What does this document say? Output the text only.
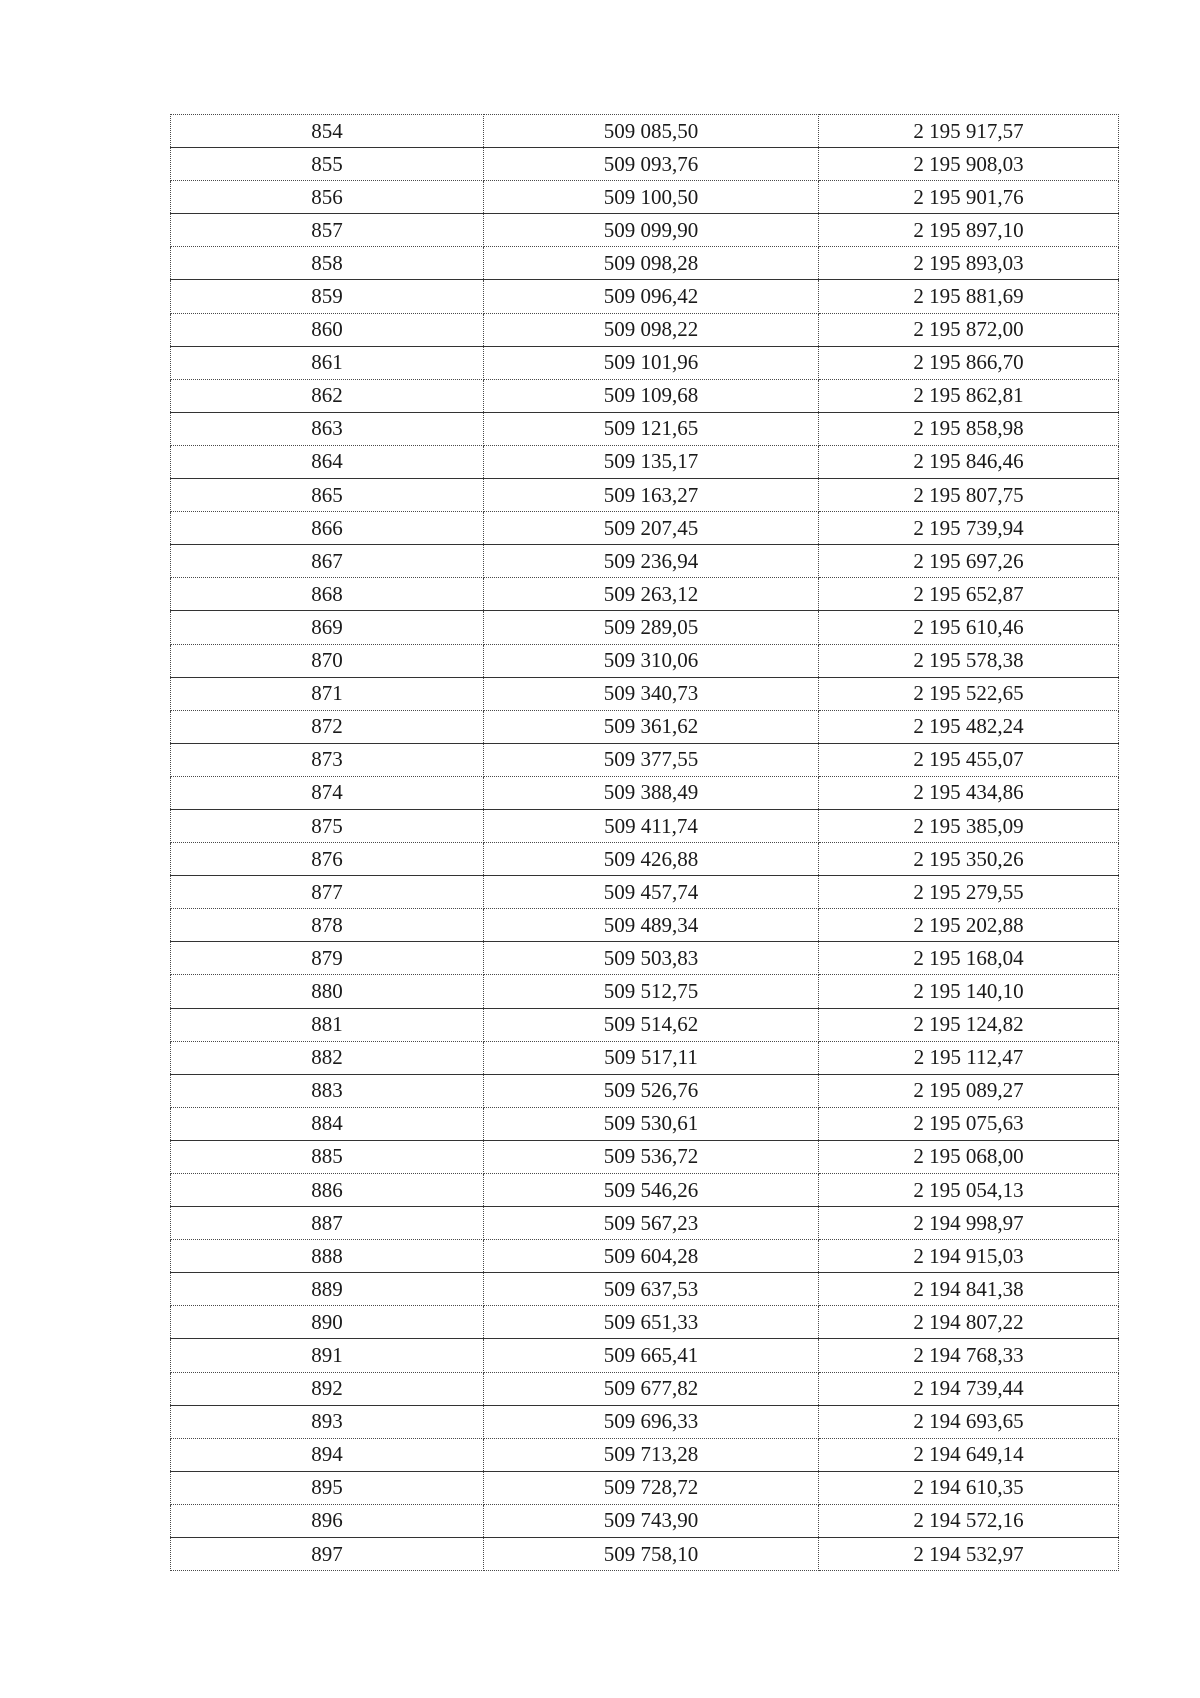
854	509 085,50	2 195 917,57
855	509 093,76	2 195 908,03
856	509 100,50	2 195 901,76
857	509 099,90	2 195 897,10
858	509 098,28	2 195 893,03
859	509 096,42	2 195 881,69
860	509 098,22	2 195 872,00
861	509 101,96	2 195 866,70
862	509 109,68	2 195 862,81
863	509 121,65	2 195 858,98
864	509 135,17	2 195 846,46
865	509 163,27	2 195 807,75
866	509 207,45	2 195 739,94
867	509 236,94	2 195 697,26
868	509 263,12	2 195 652,87
869	509 289,05	2 195 610,46
870	509 310,06	2 195 578,38
871	509 340,73	2 195 522,65
872	509 361,62	2 195 482,24
873	509 377,55	2 195 455,07
874	509 388,49	2 195 434,86
875	509 411,74	2 195 385,09
876	509 426,88	2 195 350,26
877	509 457,74	2 195 279,55
878	509 489,34	2 195 202,88
879	509 503,83	2 195 168,04
880	509 512,75	2 195 140,10
881	509 514,62	2 195 124,82
882	509 517,11	2 195 112,47
883	509 526,76	2 195 089,27
884	509 530,61	2 195 075,63
885	509 536,72	2 195 068,00
886	509 546,26	2 195 054,13
887	509 567,23	2 194 998,97
888	509 604,28	2 194 915,03
889	509 637,53	2 194 841,38
890	509 651,33	2 194 807,22
891	509 665,41	2 194 768,33
892	509 677,82	2 194 739,44
893	509 696,33	2 194 693,65
894	509 713,28	2 194 649,14
895	509 728,72	2 194 610,35
896	509 743,90	2 194 572,16
897	509 758,10	2 194 532,97
